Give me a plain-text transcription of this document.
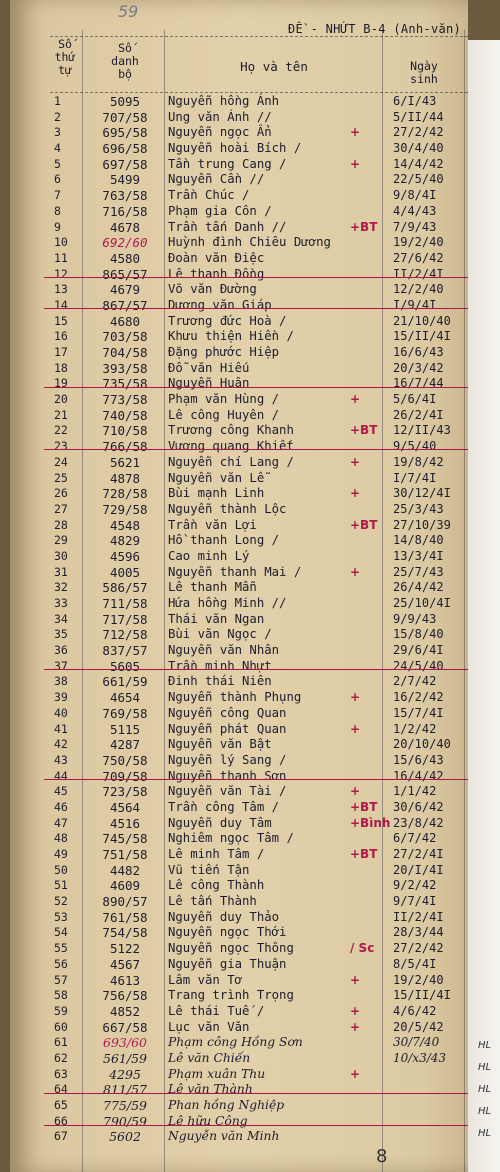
59
ĐỀ - NHỨT B-4 (Anh-văn)
Số
thứ
tự
Số
danh
bộ	Họ và tên	Ngày
sinh
1	5095	Nguyễn hồng Ánh	6/I/43
2	707/58	Ung văn Ánh //	5/II/44
3	695/58	Nguyễn ngọc Ẩn	+	27/2/42
4	696/58	Nguyễn hoài Bích /	30/4/40
5	697/58	Tần trung Cang /	+	14/4/42
6	5499	Nguyễn Cần //	22/5/40
7	763/58	Trần Chúc /	9/8/4I
8	716/58	Phạm gia Côn /	4/4/43
9	4678	Trần tấn Danh //	+BT 7/9/43
10	692/60	Huỳnh đình Chiêu Dương	19/2/40
11	4580	Đoàn văn Điệc	27/6/42
12	865/57	Lê thanh Đồng	II/2/4I
13	4679	Võ văn Đường	12/2/40
14	867/57	Dương văn Giáp	I/9/4I
15	4680	Trương đức Hoà /	21/10/40
16	703/58	Khưu thiện Hiền /	15/II/4I
17	704/58	Đặng phước Hiệp	16/6/43
18	393/58	Đỗ văn Hiếu	20/3/42
19	735/58	Nguyễn Huân	16/7/44
20	773/58	Phạm văn Hùng /	+	5/6/4I
21	740/58	Lê công Huyên /	26/2/4I
22	710/58	Trương công Khanh	+BT 12/II/43
23	766/58	Vương quang Khiết	9/5/40
24	5621	Nguyễn chí Lang /	+	19/8/42
25	4878	Nguyễn văn Lễ	I/7/4I
26	728/58	Bùi mạnh Linh	+	30/12/4I
27	729/58	Nguyễn thành Lộc	25/3/43
28	4548	Trần văn Lợi	+BT 27/10/39
29	4829	Hồ thanh Long /	14/8/40
30	4596	Cao minh Lý	13/3/4I
31	4005	Nguyễn thanh Mai /	+	25/7/43
32	586/57	Lê thanh Mẫn	26/4/42
33	711/58	Hứa hồng Minh //	25/10/4I
34	717/58	Thái văn Ngan	9/9/43
35	712/58	Bùi văn Ngọc /	15/8/40
36	837/57	Nguyễn văn Nhân	29/6/4I
37	5605	Trần minh Nhựt	24/5/40
38	661/59	Đinh thái Niên	2/7/42
39	4654	Nguyễn thành Phụng	+	16/2/42
40	769/58	Nguyễn công Quan	15/7/4I
41	5115	Nguyễn phát Quan	+	1/2/42
42	4287	Nguyễn văn Bật	20/10/40
43	750/58	Nguyễn lý Sang /	15/6/43
44	709/58	Nguyễn thanh Sơn	16/4/42
45	723/58	Nguyễn văn Tài /	+	1/1/42
46	4564	Trần công Tâm /	+BT 30/6/42
47	4516	Nguyễn duy Tâm	+Bình 23/8/42
48	745/58	Nghiêm ngọc Tâm /	6/7/42
49	751/58	Lê minh Tâm /	+BT 27/2/4I
50	4482	Vũ tiến Tận	20/I/4I
51	4609	Lê công Thành	9/2/42
52	890/57	Lê tấn Thành	9/7/4I
53	761/58	Nguyễn duy Thảo	II/2/4I
54	754/58	Nguyễn ngọc Thới	28/3/44
55	5122	Nguyễn ngọc Thông	/ Sc 27/2/42
56	4567	Nguyễn gia Thuận	8/5/4I
57	4613	Lâm văn Tơ	+	19/2/40
58	756/58	Trang trình Trọng	15/II/4I
59	4852	Lê thái Tuế /	+	4/6/42
60	667/58	Lục văn Văn	+	20/5/42
61	693/60	Phạm công Hồng Sơn	30/7/40
62	561/59	Lê văn Chiến	10/x3/43
63	4295	Phạm xuân Thu	+
64	811/57	Lê văn Thành
65	775/59	Phan hồng Nghiệp
66	790/59	Lê hữu Công
67	5602	Nguyễn văn Minh
8
HL
HL
HL
HL
HL
